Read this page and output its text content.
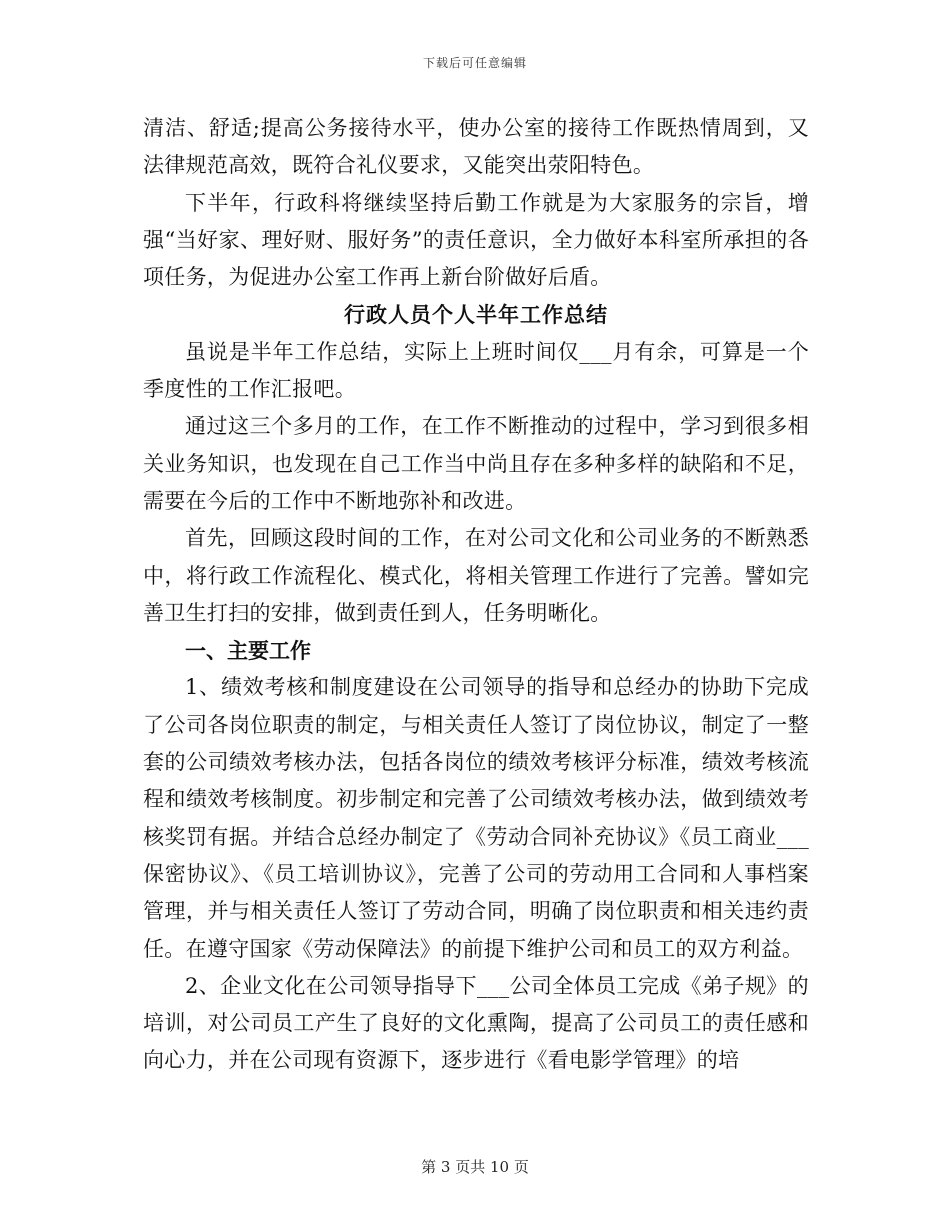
下载后可任意编辑

清洁、舒适;提高公务接待水平，使办公室的接待工作既热情周到，又法律规范高效，既符合礼仪要求，又能突出荥阳特色。

下半年，行政科将继续坚持后勤工作就是为大家服务的宗旨，增强“当好家、理好财、服好务”的责任意识，全力做好本科室所承担的各项任务，为促进办公室工作再上新台阶做好后盾。

行政人员个人半年工作总结

虽说是半年工作总结，实际上上班时间仅___月有余，可算是一个季度性的工作汇报吧。

通过这三个多月的工作，在工作不断推动的过程中，学习到很多相关业务知识，也发现在自己工作当中尚且存在多种多样的缺陷和不足，需要在今后的工作中不断地弥补和改进。

首先，回顾这段时间的工作，在对公司文化和公司业务的不断熟悉中，将行政工作流程化、模式化，将相关管理工作进行了完善。譬如完善卫生打扫的安排，做到责任到人，任务明晰化。

一、主要工作

1、绩效考核和制度建设在公司领导的指导和总经办的协助下完成了公司各岗位职责的制定，与相关责任人签订了岗位协议，制定了一整套的公司绩效考核办法，包括各岗位的绩效考核评分标准，绩效考核流程和绩效考核制度。初步制定和完善了公司绩效考核办法，做到绩效考核奖罚有据。并结合总经办制定了《劳动合同补充协议》《员工商业___保密协议》、《员工培训协议》，完善了公司的劳动用工合同和人事档案管理，并与相关责任人签订了劳动合同，明确了岗位职责和相关违约责任。在遵守国家《劳动保障法》的前提下维护公司和员工的双方利益。

2、企业文化在公司领导指导下___公司全体员工完成《弟子规》的培训，对公司员工产生了良好的文化熏陶，提高了公司员工的责任感和向心力，并在公司现有资源下，逐步进行《看电影学管理》的培

第 3 页共 10 页
